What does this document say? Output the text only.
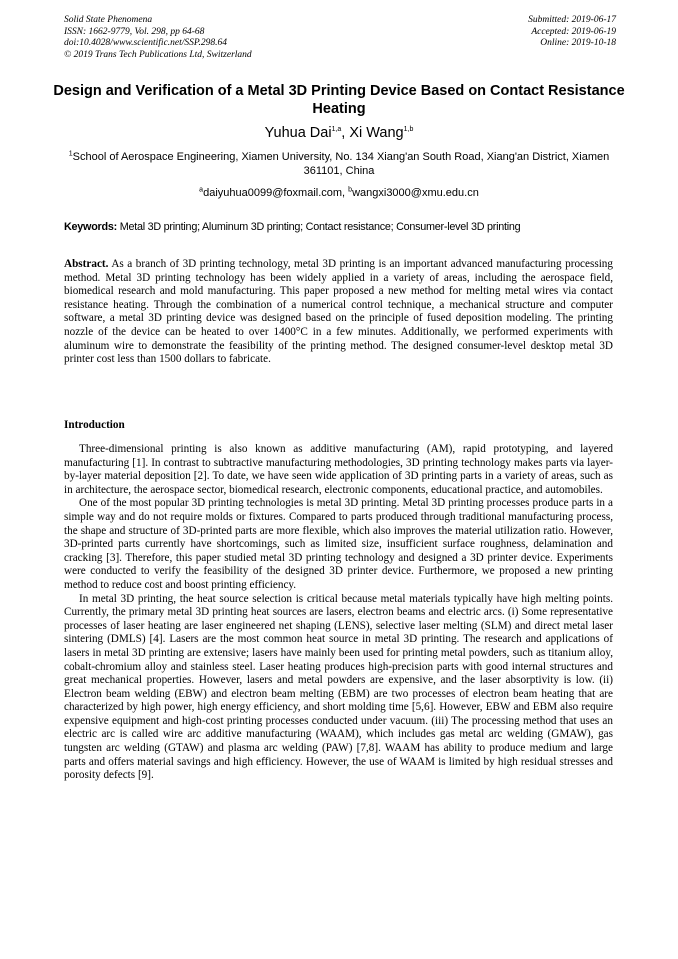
Solid State Phenomena
ISSN: 1662-9779, Vol. 298, pp 64-68
doi:10.4028/www.scientific.net/SSP.298.64
© 2019 Trans Tech Publications Ltd, Switzerland
Submitted: 2019-06-17
Accepted: 2019-06-19
Online: 2019-10-18
Design and Verification of a Metal 3D Printing Device Based on Contact Resistance Heating
Yuhua Dai$^{1,a}$, Xi Wang$^{1,b}$
$^1$School of Aerospace Engineering, Xiamen University, No. 134 Xiang'an South Road, Xiang'an District, Xiamen 361101, China
$^a$daiyuhua0099@foxmail.com, $^b$wangxi3000@xmu.edu.cn
Keywords: Metal 3D printing; Aluminum 3D printing; Contact resistance; Consumer-level 3D printing
Abstract. As a branch of 3D printing technology, metal 3D printing is an important advanced manufacturing processing method. Metal 3D printing technology has been widely applied in a variety of areas, including the aerospace field, biomedical research and mold manufacturing. This paper proposed a new method for melting metal wires via contact resistance heating. Through the combination of a numerical control technique, a mechanical structure and computer software, a metal 3D printing device was designed based on the principle of fused deposition modeling. The printing nozzle of the device can be heated to over 1400°C in a few minutes. Additionally, we performed experiments with aluminum wire to demonstrate the feasibility of the printing method. The designed consumer-level desktop metal 3D printer cost less than 1500 dollars to fabricate.
Introduction

Three-dimensional printing is also known as additive manufacturing (AM), rapid prototyping, and layered manufacturing [1]. In contrast to subtractive manufacturing methodologies, 3D printing technology makes parts via layer-by-layer material deposition [2]. To date, we have seen wide application of 3D printing parts in a variety of areas, such as in architecture, the aerospace sector, biomedical research, electronic components, educational practice, and automobiles.

One of the most popular 3D printing technologies is metal 3D printing. Metal 3D printing processes produce parts in a simple way and do not require molds or fixtures. Compared to parts produced through traditional manufacturing process, the shape and structure of 3D-printed parts are more flexible, which also improves the material utilization ratio. However, 3D-printed parts currently have shortcomings, such as limited size, insufficient surface roughness, delamination and cracking [3]. Therefore, this paper studied metal 3D printing technology and designed a 3D printer device. Experiments were conducted to verify the feasibility of the designed 3D printer device. Furthermore, we proposed a new printing method to reduce cost and boost printing efficiency.

In metal 3D printing, the heat source selection is critical because metal materials typically have high melting points. Currently, the primary metal 3D printing heat sources are lasers, electron beams and electric arcs. (i) Some representative processes of laser heating are laser engineered net shaping (LENS), selective laser melting (SLM) and direct metal laser sintering (DMLS) [4]. Lasers are the most common heat source in metal 3D printing. The research and applications of lasers in metal 3D printing are extensive; lasers have mainly been used for printing metal powders, such as titanium alloy, cobalt-chromium alloy and stainless steel. Laser heating produces high-precision parts with good internal structures and great mechanical properties. However, lasers and metal powders are expensive, and the laser absorptivity is low. (ii) Electron beam welding (EBW) and electron beam melting (EBM) are two processes of electron beam heating that are characterized by high power, high energy efficiency, and short molding time [5,6]. However, EBW and EBM also require expensive equipment and high-cost printing processes conducted under vacuum. (iii) The processing method that uses an electric arc is called wire arc additive manufacturing (WAAM), which includes gas metal arc welding (GMAW), gas tungsten arc welding (GTAW) and plasma arc welding (PAW) [7,8]. WAAM has ability to produce medium and large parts and offers material savings and high efficiency. However, the use of WAAM is limited by high residual stresses and porosity defects [9].
